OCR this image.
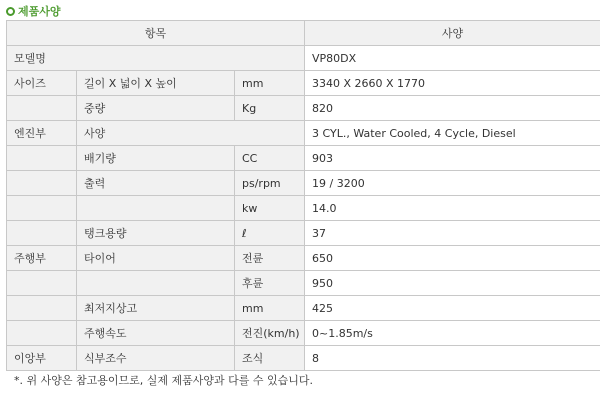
제품사양
항목			사양
모델명			VP80DX
사이즈	길이 X 넓이 X 높이	mm	3340 X 2660 X 1770
	중량	Kg	820
엔진부	사양		3 CYL., Water Cooled, 4 Cycle, Diesel
	배기량	CC	903
	출력	ps/rpm	19 / 3200
		kw	14.0
	탱크용량	ℓ	37
주행부	타이어	전륜	650
		후륜	950
	최저지상고	mm	425
	주행속도	전진(km/h)	0~1.85m/s
이앙부	식부조수	조식	8
*. 위 사양은 참고용이므로, 실제 제품사양과 다를 수 있습니다.
